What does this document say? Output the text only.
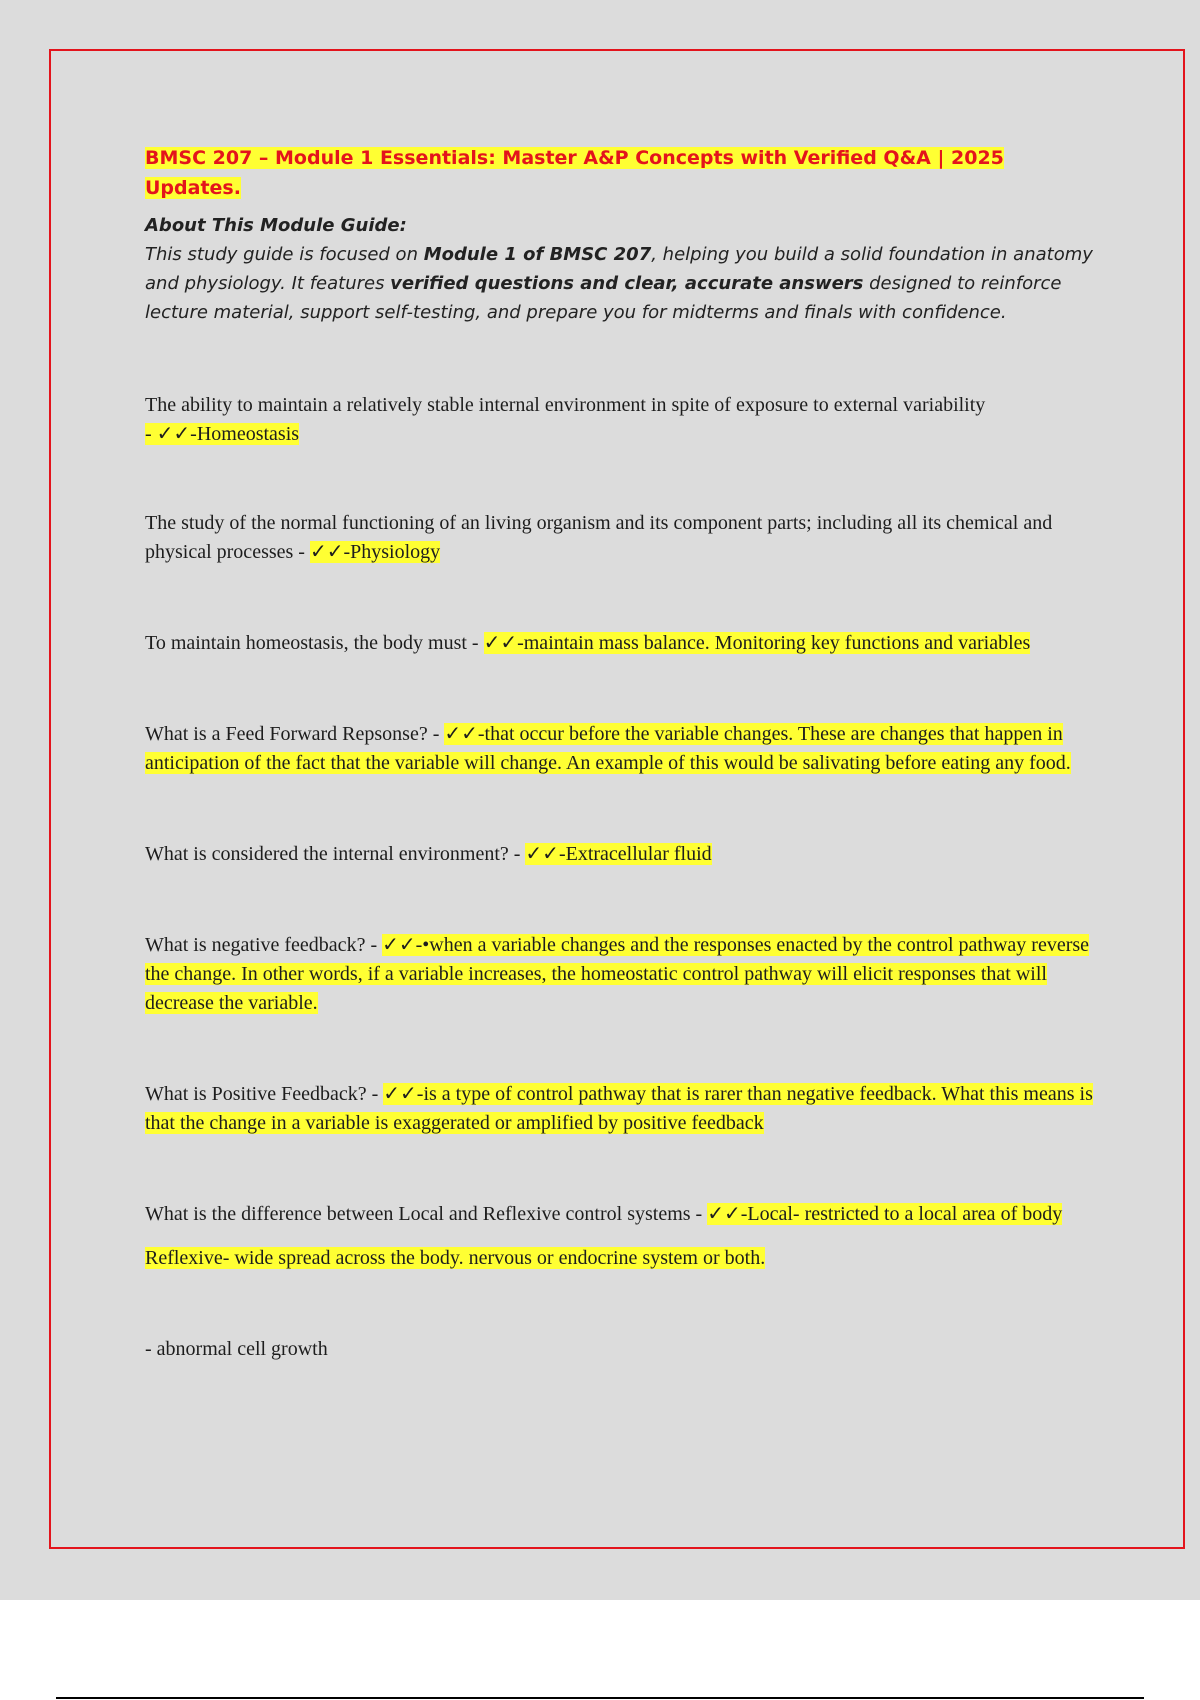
BMSC 207 – Module 1 Essentials: Master A&P Concepts with Verified Q&A | 2025 Updates.

About This Module Guide:

This study guide is focused on Module 1 of BMSC 207, helping you build a solid foundation in anatomy and physiology. It features verified questions and clear, accurate answers designed to reinforce lecture material, support self-testing, and prepare you for midterms and finals with confidence.

The ability to maintain a relatively stable internal environment in spite of exposure to external variability
- ✓✓-Homeostasis

The study of the normal functioning of an living organism and its component parts; including all its chemical and physical processes - ✓✓-Physiology

To maintain homeostasis, the body must - ✓✓-maintain mass balance. Monitoring key functions and variables

What is a Feed Forward Repsonse? - ✓✓-that occur before the variable changes. These are changes that happen in anticipation of the fact that the variable will change. An example of this would be salivating before eating any food.

What is considered the internal environment? - ✓✓-Extracellular fluid

What is negative feedback? - ✓✓-•when a variable changes and the responses enacted by the control pathway reverse the change. In other words, if a variable increases, the homeostatic control pathway will elicit responses that will decrease the variable.

What is Positive Feedback? - ✓✓-is a type of control pathway that is rarer than negative feedback. What this means is that the change in a variable is exaggerated or amplified by positive feedback

What is the difference between Local and Reflexive control systems - ✓✓-Local- restricted to a local area of body

Reflexive- wide spread across the body. nervous or endocrine system or both.

- abnormal cell growth
